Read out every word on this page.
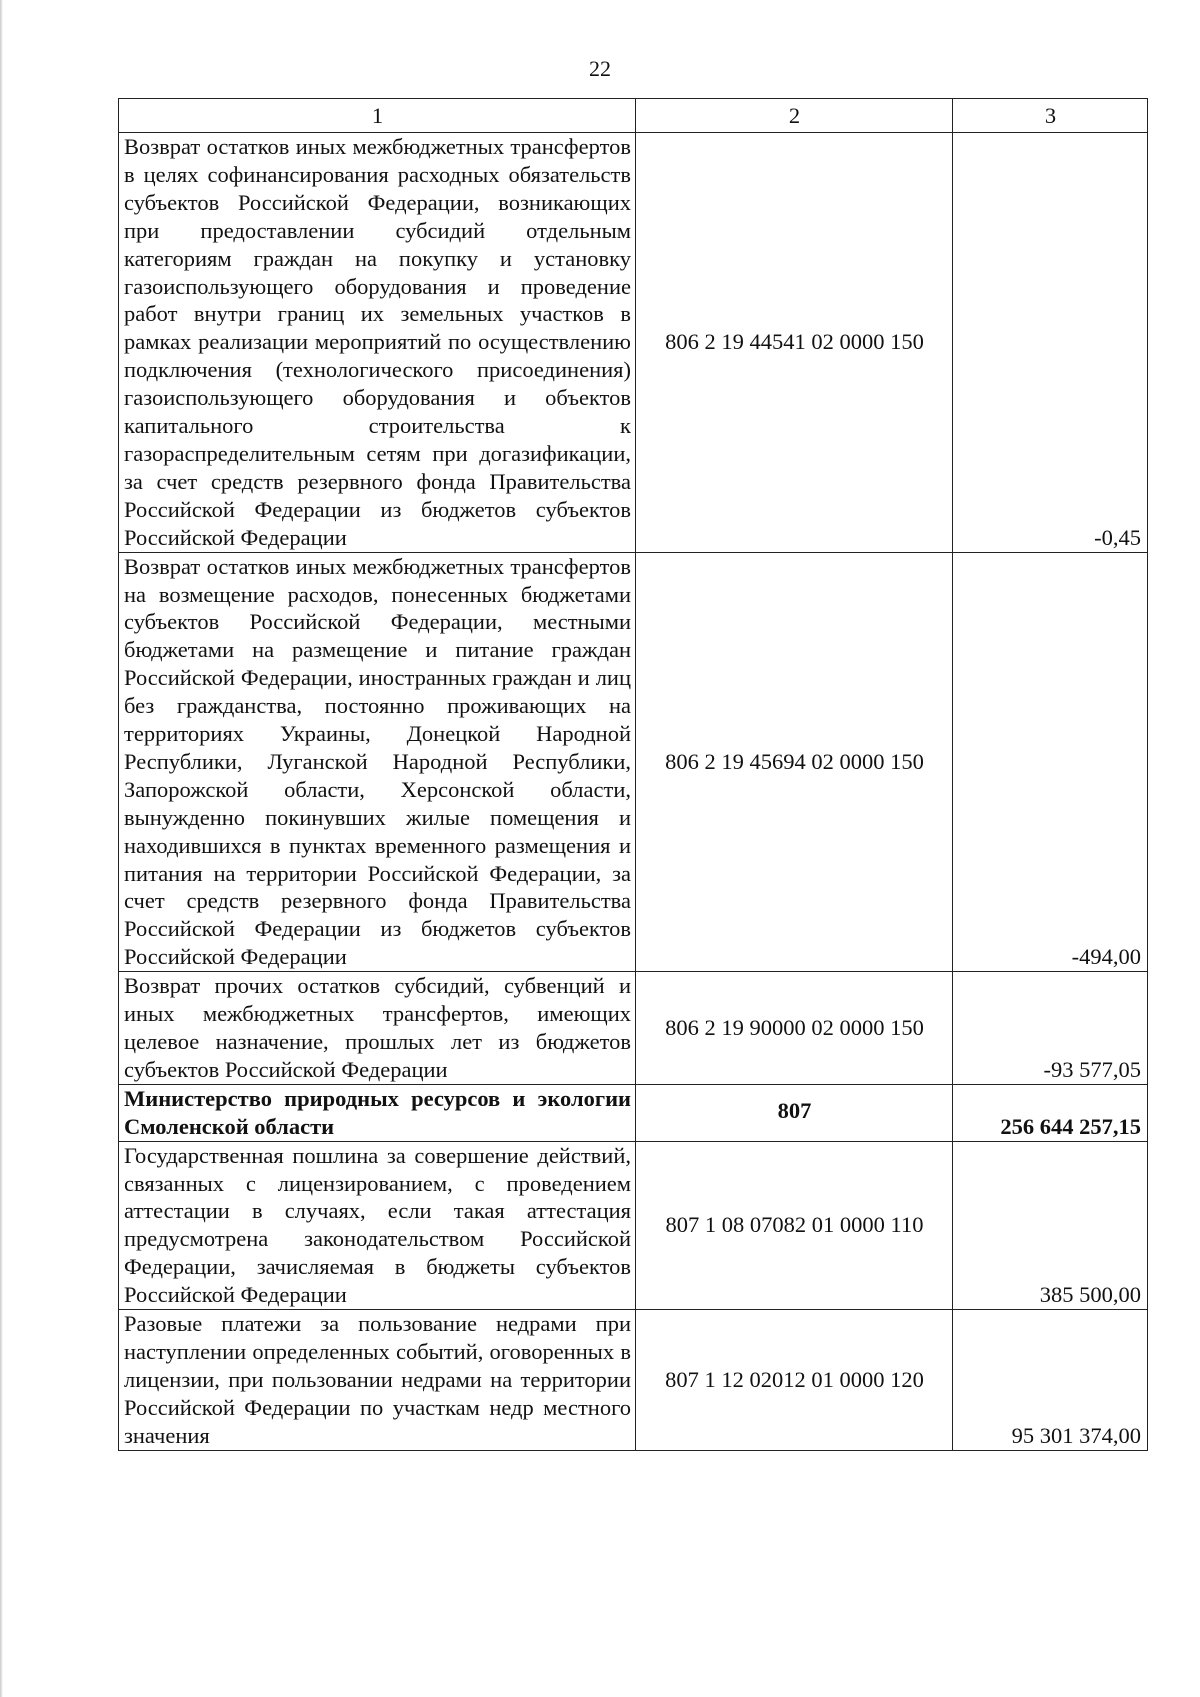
22
1	2	3
Возврат остатков иных межбюджетных трансфертов в целях софинансирования расходных обязательств субъектов Российской Федерации, возникающих при предоставлении субсидий отдельным категориям граждан на покупку и установку газоиспользующего оборудования и проведение работ внутри границ их земельных участков в рамках реализации мероприятий по осуществлению подключения (технологического присоединения) газоиспользующего оборудования и объектов капитального строительства к газораспределительным сетям при догазификации, за счет средств резервного фонда Правительства Российской Федерации из бюджетов субъектов Российской Федерации	806 2 19 44541 02 0000 150	-0,45
Возврат остатков иных межбюджетных трансфертов на возмещение расходов, понесенных бюджетами субъектов Российской Федерации, местными бюджетами на размещение и питание граждан Российской Федерации, иностранных граждан и лиц без гражданства, постоянно проживающих на территориях Украины, Донецкой Народной Республики, Луганской Народной Республики, Запорожской области, Херсонской области, вынужденно покинувших жилые помещения и находившихся в пунктах временного размещения и питания на территории Российской Федерации, за счет средств резервного фонда Правительства Российской Федерации из бюджетов субъектов Российской Федерации	806 2 19 45694 02 0000 150	-494,00
Возврат прочих остатков субсидий, субвенций и иных межбюджетных трансфертов, имеющих целевое назначение, прошлых лет из бюджетов субъектов Российской Федерации	806 2 19 90000 02 0000 150	-93 577,05
Министерство природных ресурсов и экологии Смоленской области	807	256 644 257,15
Государственная пошлина за совершение действий, связанных с лицензированием, с проведением аттестации в случаях, если такая аттестация предусмотрена законодательством Российской Федерации, зачисляемая в бюджеты субъектов Российской Федерации	807 1 08 07082 01 0000 110	385 500,00
Разовые платежи за пользование недрами при наступлении определенных событий, оговоренных в лицензии, при пользовании недрами на территории Российской Федерации по участкам недр местного значения	807 1 12 02012 01 0000 120	95 301 374,00
